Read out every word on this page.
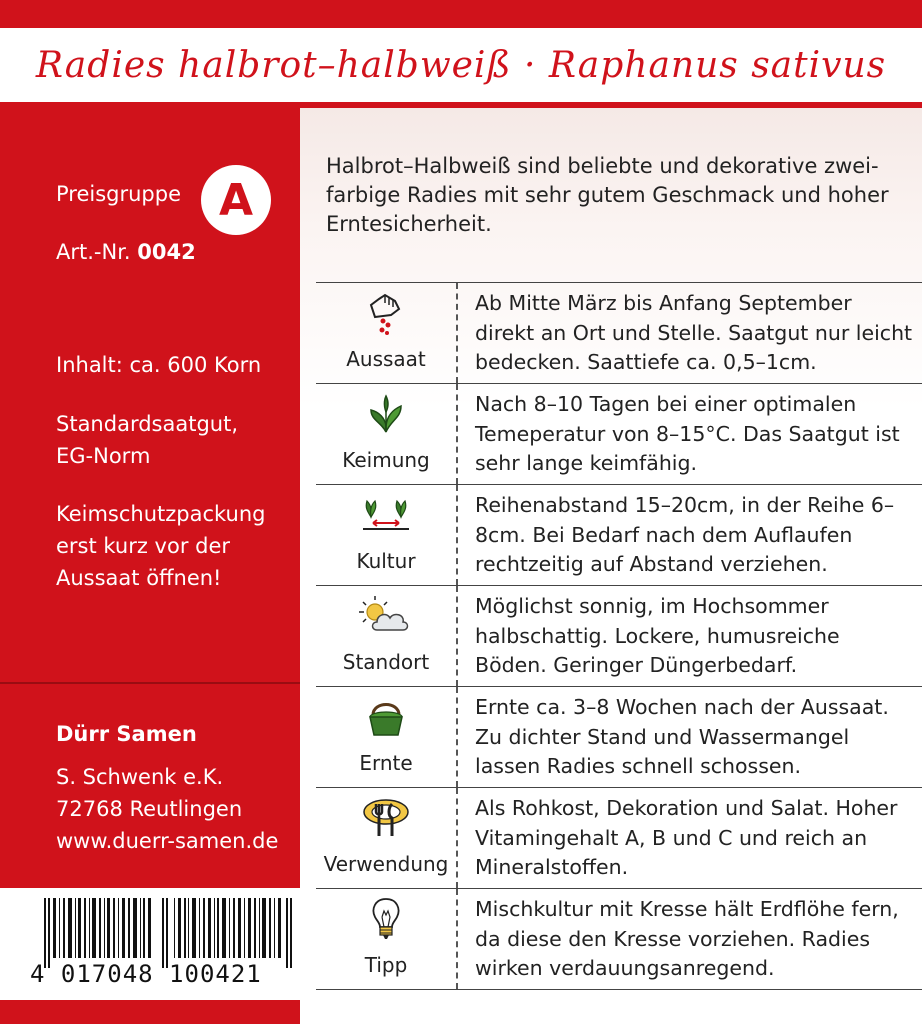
Radies halbrot–halbweiß · Raphanus sativus
Preisgruppe A
Art.-Nr. 0042
Inhalt: ca. 600 Korn
Standardsaatgut,
EG-Norm
Keimschutzpackung
erst kurz vor der
Aussaat öffnen!
Dürr Samen
S. Schwenk e.K.
72768 Reutlingen
www.duerr-samen.de
4 017048 100421
Halbrot–Halbweiß sind beliebte und dekorative zweifarbige Radies mit sehr gutem Geschmack und hoher Erntesicherheit.
Aussaat
Ab Mitte März bis Anfang September direkt an Ort und Stelle. Saatgut nur leicht bedecken. Saattiefe ca. 0,5–1cm.
Keimung
Nach 8–10 Tagen bei einer optimalen Temeperatur von 8–15°C. Das Saatgut ist sehr lange keimfähig.
Kultur
Reihenabstand 15–20cm, in der Reihe 6–8cm. Bei Bedarf nach dem Auflaufen rechtzeitig auf Abstand verziehen.
Standort
Möglichst sonnig, im Hochsommer halbschattig. Lockere, humusreiche Böden. Geringer Düngerbedarf.
Ernte
Ernte ca. 3–8 Wochen nach der Aussaat. Zu dichter Stand und Wassermangel lassen Radies schnell schossen.
Verwendung
Als Rohkost, Dekoration und Salat. Hoher Vitamingehalt A, B und C und reich an Mineralstoffen.
Tipp
Mischkultur mit Kresse hält Erdflöhe fern, da diese den Kresse vorziehen. Radies wirken verdauungsanregend.
